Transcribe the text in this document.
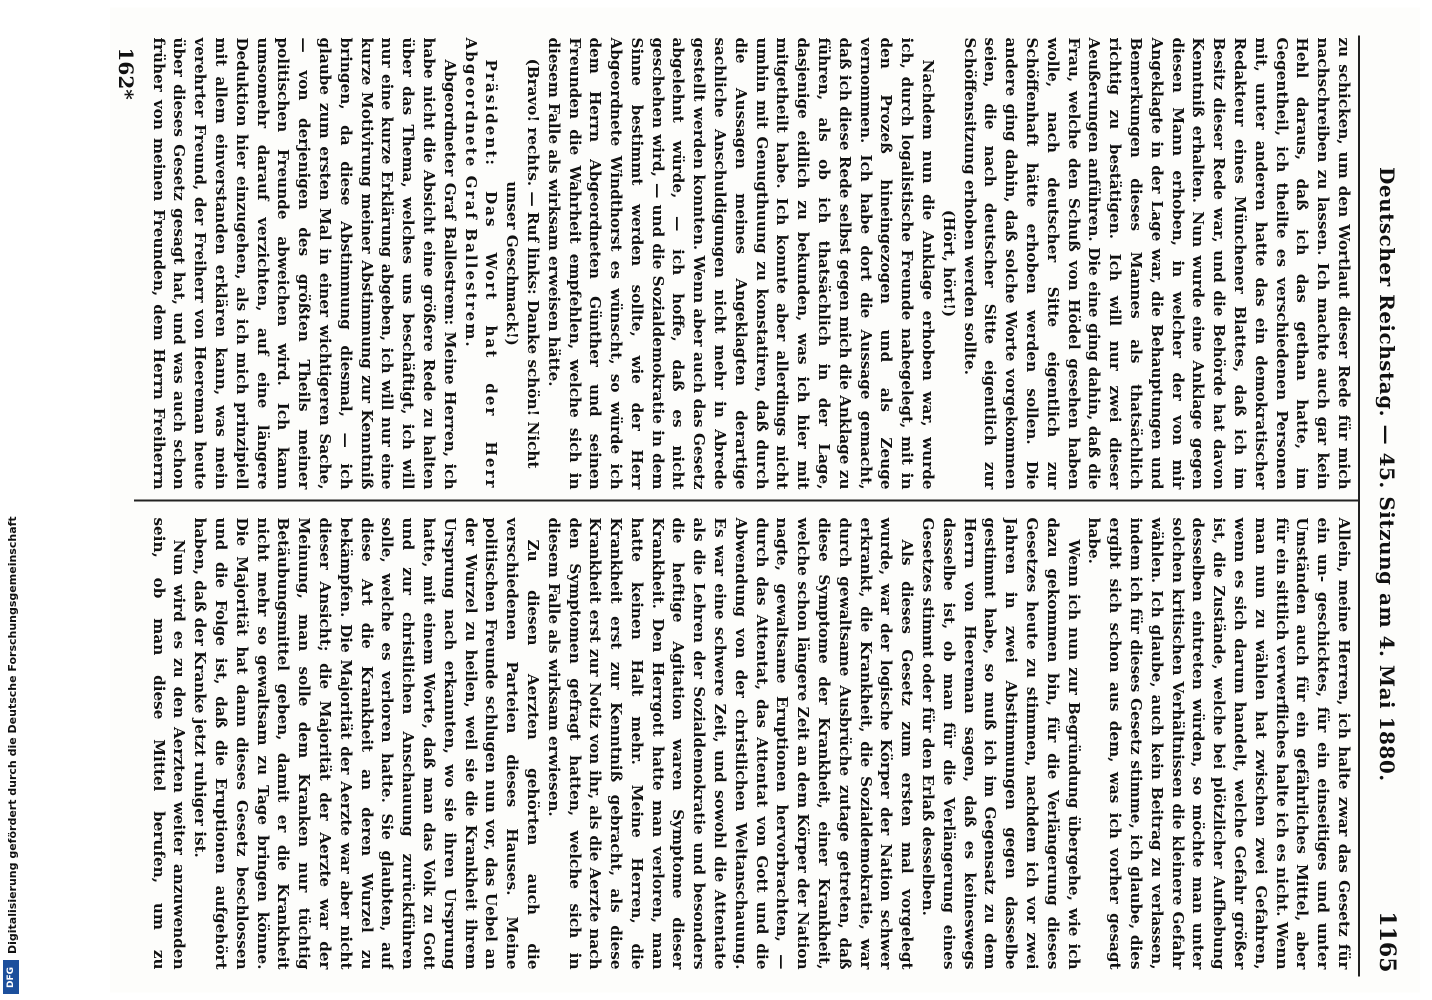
Deutscher Reichstag. — 45. Sitzung am 4. Mai 1880.
1165

zu schicken, um den Wortlaut dieser Rede für mich nachschreiben zu lassen. Ich machte auch gar kein Hehl daraus, daß ich das gethan hatte, im Gegentheil, ich theilte es verschiedenen Personen mit, unter anderen hatte das ein demokratischer Redakteur eines Münchener Blattes, daß ich im Besitz dieser Rede war, und die Behörde hat davon Kenntniß erhalten. Nun wurde eine Anklage gegen diesen Mann erhoben, in welcher der von mir Angeklagte in der Lage war, die Behauptungen und Bemerkungen dieses Mannes als thatsächlich richtig zu bestätigen. Ich will nur zwei dieser Aeußerungen anführen. Die eine ging dahin, daß die Frau, welche den Schuß von Hödel gesehen haben wolle, nach deutscher Sitte eigentlich zur Schöffenhaft hätte erhoben werden sollen. Die andere ging dahin, daß solche Worte vorgekommen seien, die nach deutscher Sitte eigentlich zur Schöffensitzung erhoben werden sollte.

(Hört, hört!)

Nachdem nun die Anklage erhoben war, wurde ich, durch logalistische Freunde nahegelegt, mit in den Prozeß hineingezogen und als Zeuge vernommen. Ich habe dort die Aussage gemacht, daß ich diese Rede selbst gegen mich die Anklage zu führen, als ob ich thatsächlich in der Lage, dasjenige eidlich zu bekunden, was ich hier mit mitgetheilt habe. Ich konnte aber allerdings nicht umhin mit Genugthuung zu konstatiren, daß durch die Aussagen meines Angeklagten derartige sachliche Anschuldigungen nicht mehr in Abrede gestellt werden konnten. Wenn aber auch das Gesetz abgelehnt würde, — ich hoffe, daß es nicht geschehen wird, — und die Sozialdemokratie in dem Sinne bestimmt werden sollte, wie der Herr Abgeordnete Windthorst es wünscht, so würde ich dem Herrn Abgeordneten Günther und seinen Freunden die Wahrheit empfehlen, welche sich in diesem Falle als wirksam erweisen hätte.

(Bravo! rechts. — Ruf links: Danke schön! Nicht unser Geschmack!)

Präsident: Das Wort hat der Herr Abgeordnete Graf Ballestrem.

Abgeordneter Graf Ballestrem: Meine Herren, ich habe nicht die Absicht eine größere Rede zu halten über das Thema, welches uns beschäftigt, ich will nur eine kurze Erklärung abgeben, ich will nur eine kurze Motivirung meiner Abstimmung zur Kenntniß bringen, da diese Abstimmung diesmal, — ich glaube zum ersten Mal in einer wichtigeren Sache, — von derjenigen des größten Theils meiner politischen Freunde abweichen wird. Ich kann umsomehr darauf verzichten, auf eine längere Deduktion hier einzugehen, als ich mich prinzipiell mit allem einverstanden erklären kann, was mein verehrter Freund, der Freiherr von Heereman heute über dieses Gesetz gesagt hat, und was auch schon früher von meinen Freunden, dem Herrn Freiherrn

Allein, meine Herren, ich halte zwar das Gesetz für ein un- geschicktes, für ein einseitiges und unter Umständen auch für ein gefährliches Mittel, aber für ein sittlich verwerfliches halte ich es nicht. Wenn man nun zu wählen hat zwischen zwei Gefahren, wenn es sich darum handelt, welche Gefahr größer ist, die Zustände, welche bei plötzlicher Aufhebung desselben eintreten würden, so möchte man unter solchen kritischen Verhältnissen die kleinere Gefahr wählen. Ich glaube, auch kein Beitrag zu verlassen, indem ich für dieses Gesetz stimme, ich glaube, dies ergibt sich schon aus dem, was ich vorher gesagt habe.

Wenn ich nun zur Begründung übergehe, wie ich dazu gekommen bin, für die Verlängerung dieses Gesetzes heute zu stimmen, nachdem ich vor zwei Jahren in zwei Abstimmungen gegen dasselbe gestimmt habe, so muß ich im Gegensatz zu dem Herrn von Heereman sagen, daß es keineswegs dasselbe ist, ob man für die Verlängerung eines Gesetzes stimmt oder für den Erlaß desselben.

Als dieses Gesetz zum ersten mal vorgelegt wurde, war der logische Körper der Nation schwer erkrankt, die Krankheit, die Sozialdemokratie, war durch gewaltsame Ausbrüche zutage getreten, daß diese Symptome der Krankheit, einer Krankheit, welche schon längere Zeit an dem Körper der Nation nagte, gewaltsame Eruptionen hervorbrachten, — durch das Attentat, das Attentat von Gott und die Abwendung von der christlichen Weltanschauung. Es war eine schwere Zeit, und sowohl die Attentate als die Lehren der Sozialdemokratie und besonders die heftige Agitation waren Symptome dieser Krankheit. Den Herrgott hatte man verloren, man hatte keinen Halt mehr. Meine Herren, die Krankheit erst zur Kenntniß gebracht, als diese Krankheit erst zur Notiz von ihr, als die Aerzte nach den Symptomen gefragt hatten, welche sich in diesem Falle als wirksam erwiesen.

Zu diesen Aerzten gehörten auch die verschiedenen Parteien dieses Hauses. Meine politischen Freunde schlugen nun vor, das Uebel an der Wurzel zu heilen, weil sie die Krankheit ihrem Ursprung nach erkannten, wo sie ihren Ursprung hatte, mit einem Worte, daß man das Volk zu Gott und zur christlichen Anschauung zurückführen solle, welche es verloren hatte. Sie glaubten, auf diese Art die Krankheit an deren Wurzel zu bekämpfen. Die Majorität der Aerzte war aber nicht dieser Ansicht; die Majorität der Aerzte war der Meinung, man solle dem Kranken nur tüchtig Betäubungsmittel geben, damit er die Krankheit nicht mehr so gewaltsam zu Tage bringen könne. Die Majorität hat dann dieses Gesetz beschlossen und die Folge ist, daß die Eruptionen aufgehört haben, daß der Kranke jetzt ruhiger ist.

Nun wird es zu den Aerzten weiter anzuwenden sein, ob man diese Mittel berufen, um zu

162*
Digitalisierung gefördert durch die Deutsche Forschungsgemeinschaft
DFG
